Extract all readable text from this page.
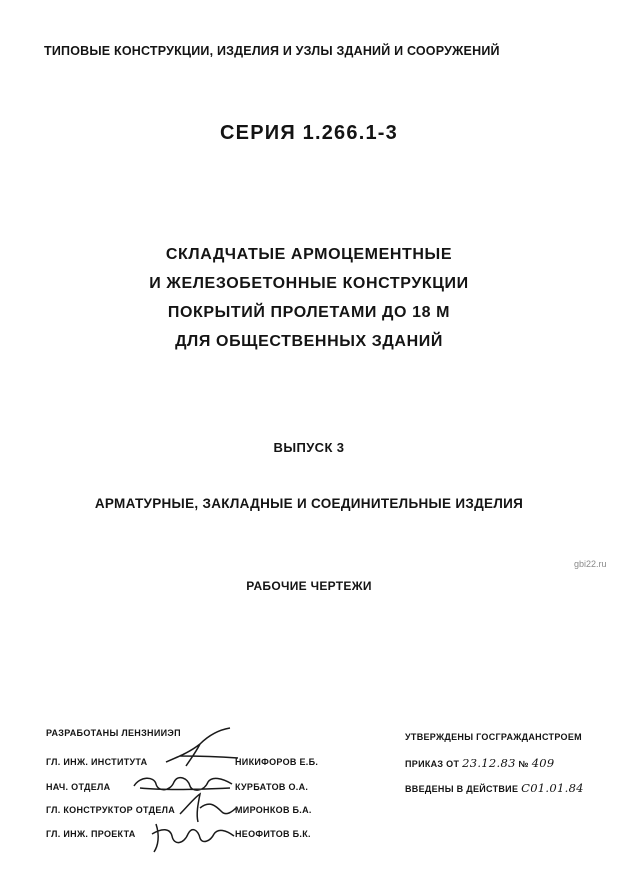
ТИПОВЫЕ КОНСТРУКЦИИ, ИЗДЕЛИЯ И УЗЛЫ ЗДАНИЙ И СООРУЖЕНИЙ
СЕРИЯ 1.266.1-3
СКЛАДЧАТЫЕ АРМОЦЕМЕНТНЫЕ
И ЖЕЛЕЗОБЕТОННЫЕ КОНСТРУКЦИИ
ПОКРЫТИЙ ПРОЛЕТАМИ ДО 18 М
ДЛЯ ОБЩЕСТВЕННЫХ ЗДАНИЙ
ВЫПУСК 3
АРМАТУРНЫЕ, ЗАКЛАДНЫЕ И СОЕДИНИТЕЛЬНЫЕ ИЗДЕЛИЯ
РАБОЧИЕ ЧЕРТЕЖИ
gbi22.ru
РАЗРАБОТАНЫ ЛЕНЗНИИЭП
ГЛ. ИНЖ. ИНСТИТУТА	НИКИФОРОВ Е.Б.
НАЧ. ОТДЕЛА	КУРБАТОВ О.А.
ГЛ. КОНСТРУКТОР ОТДЕЛА	МИРОНКОВ Б.А.
ГЛ. ИНЖ. ПРОЕКТА	НЕОФИТОВ Б.К.
УТВЕРЖДЕНЫ ГОСГРАЖДАНСТРОЕМ
ПРИКАЗ ОТ 23.12.83 № 409
ВВЕДЕНЫ В ДЕЙСТВИЕ С01.01.84
